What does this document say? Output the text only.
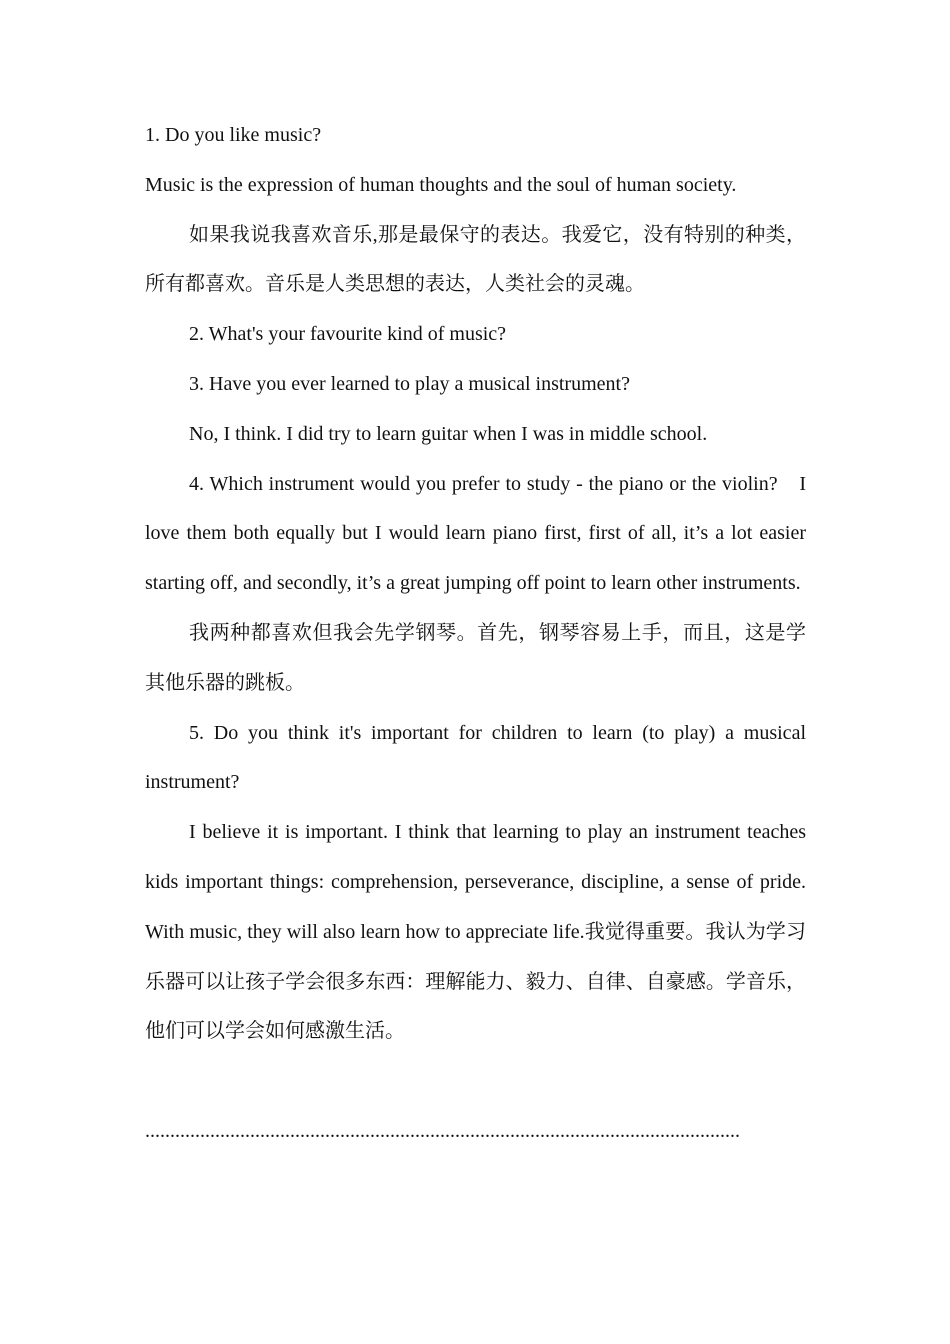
1. Do you like music?

Music is the expression of human thoughts and the soul of human society.

如果我说我喜欢音乐,那是最保守的表达。我爱它，没有特别的种类，所有都喜欢。音乐是人类思想的表达，人类社会的灵魂。

2. What's your favourite kind of music?

3. Have you ever learned to play a musical instrument?

No, I think. I did try to learn guitar when I was in middle school.

4. Which instrument would you prefer to study - the piano or the violin?　I love them both equally but I would learn piano first, first of all, it’s a lot easier starting off, and secondly, it’s a great jumping off point to learn other instruments.

我两种都喜欢但我会先学钢琴。首先，钢琴容易上手，而且，这是学其他乐器的跳板。

5. Do you think it's important for children to learn (to play) a musical instrument?

I believe it is important. I think that learning to play an instrument teaches kids important things: comprehension, perseverance, discipline, a sense of pride. With music, they will also learn how to appreciate life.我觉得重要。我认为学习乐器可以让孩子学会很多东西：理解能力、毅力、自律、自豪感。学音乐，他们可以学会如何感激生活。

.......................................................................................................................
